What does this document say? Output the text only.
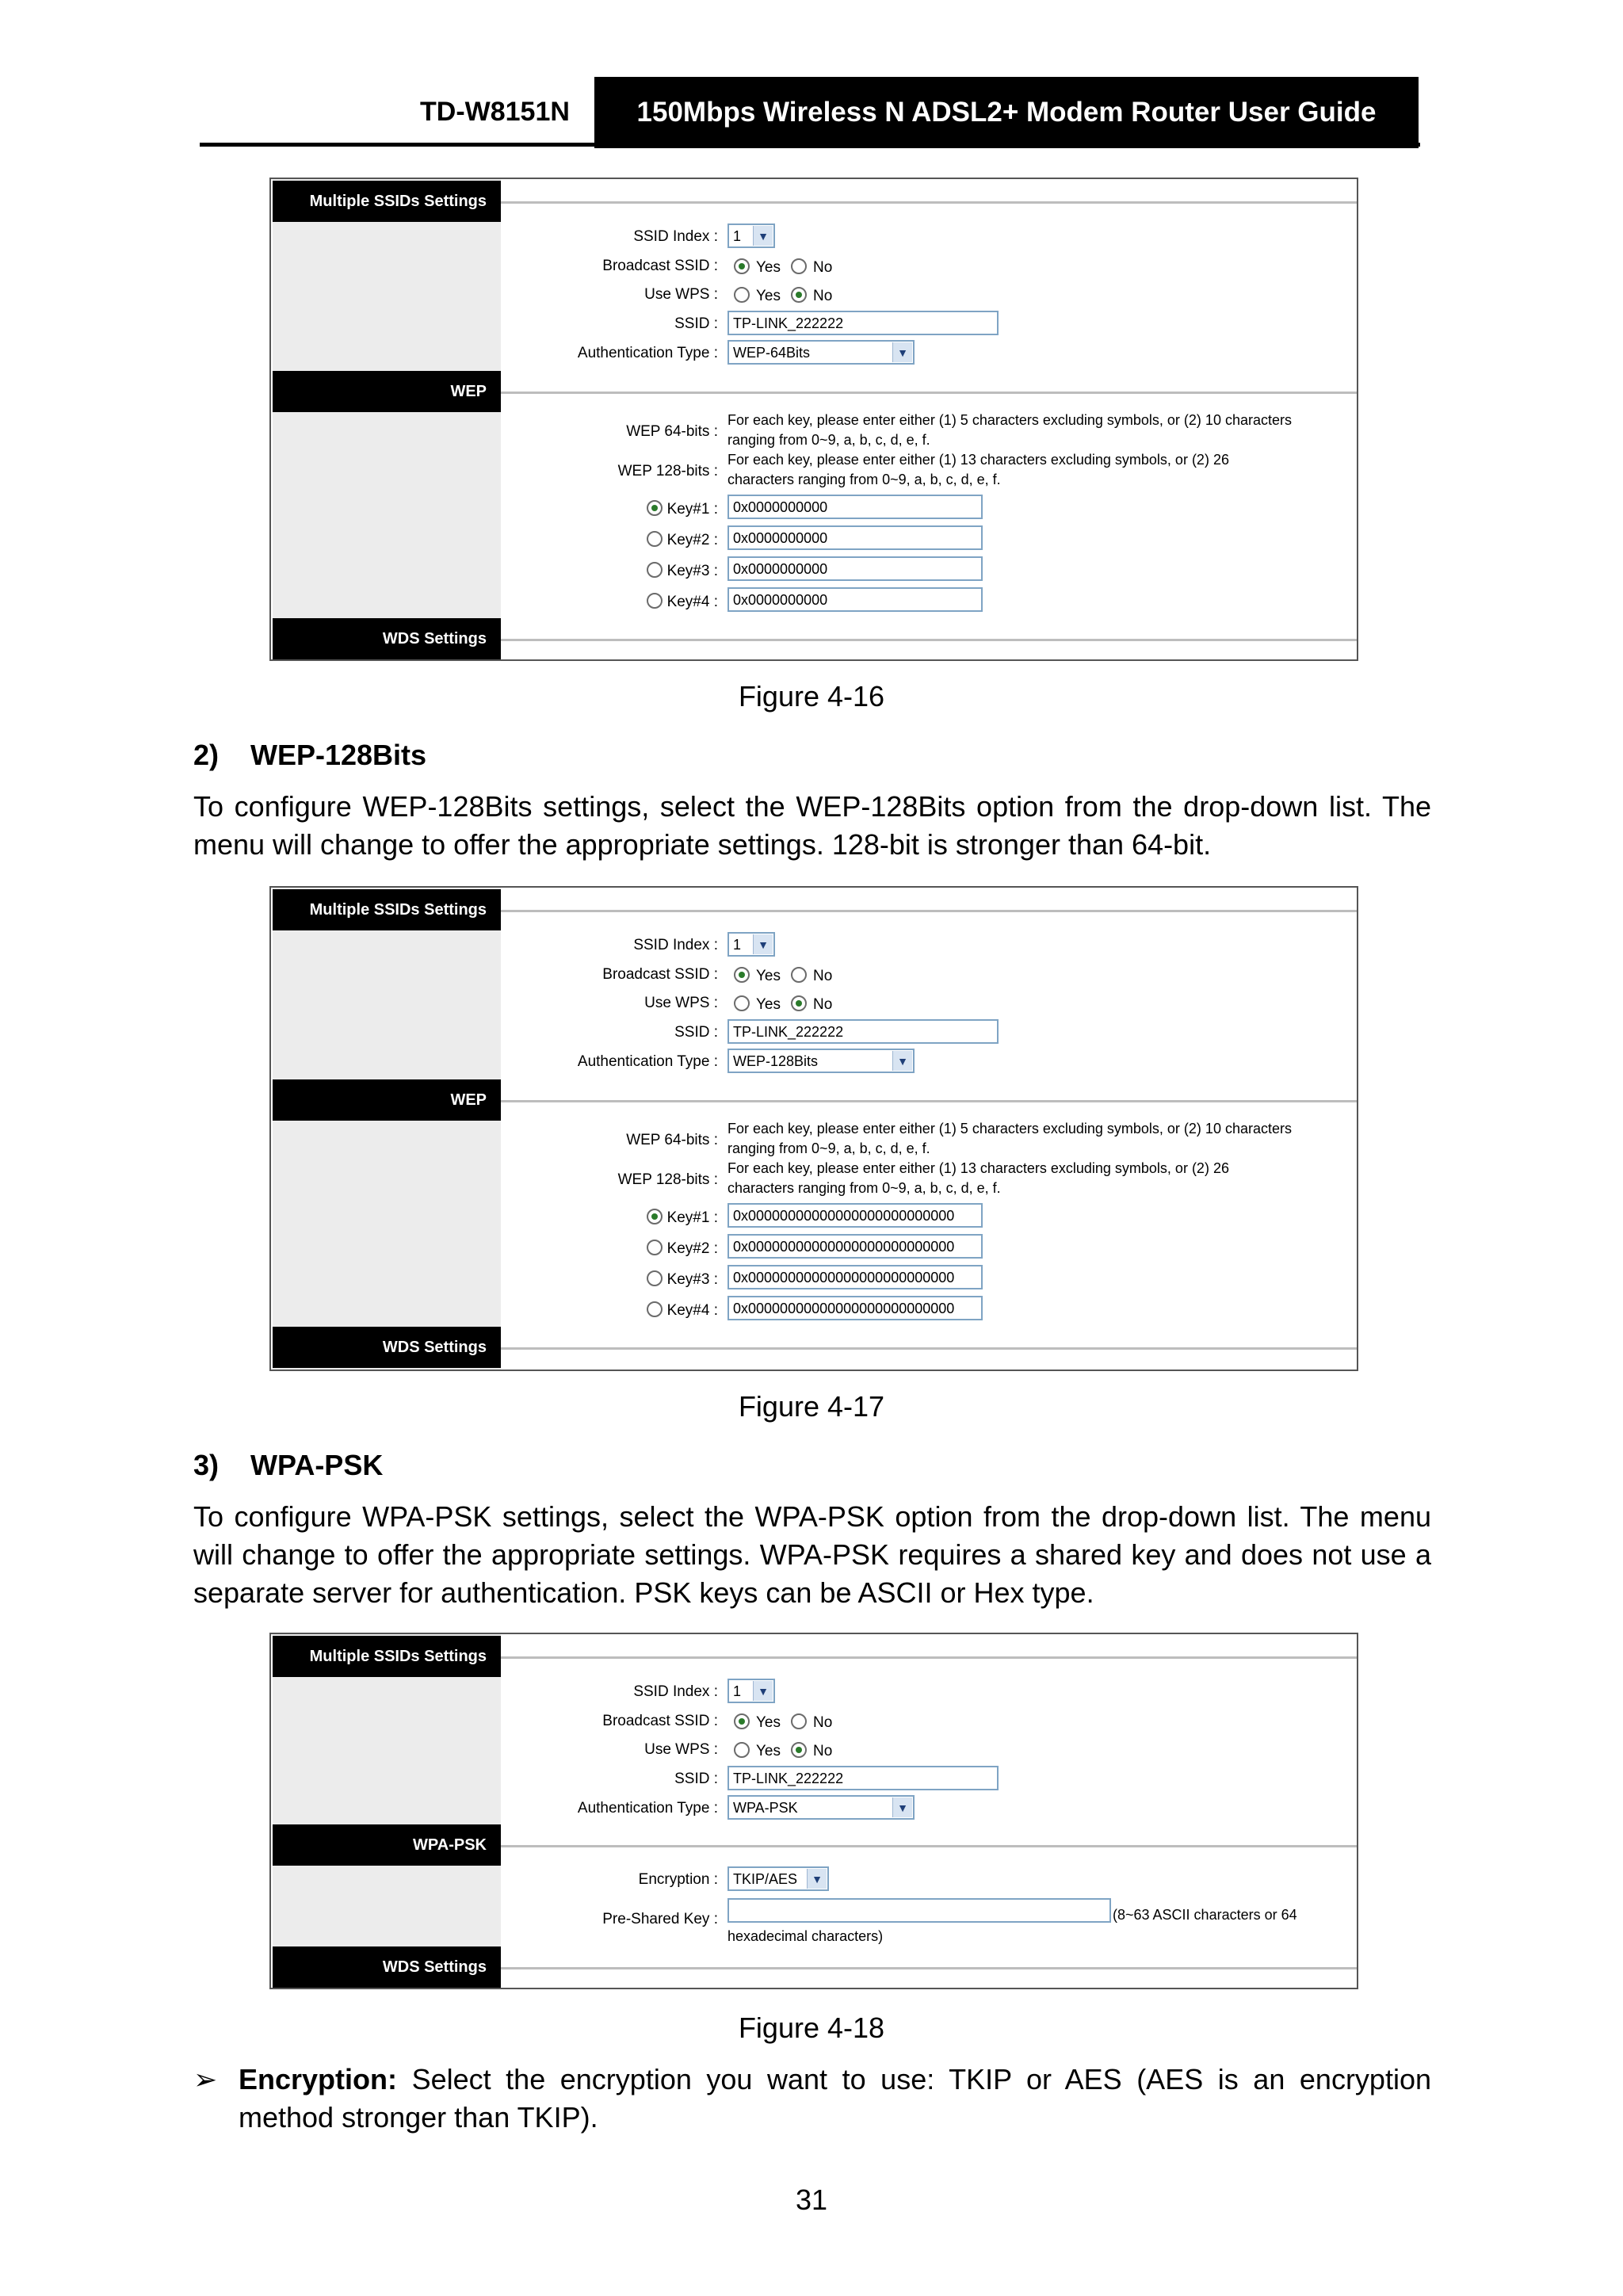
TD-W8151N	150Mbps Wireless N ADSL2+ Modem Router User Guide
Multiple SSIDs Settings
SSID Index :	1	▼
Broadcast SSID :	Yes No
Use WPS :	Yes No
SSID :	TP-LINK_222222
Authentication Type :	WEP-64Bits	▼
WEP
WEP 64-bits :
For each key, please enter either (1) 5 characters excluding symbols, or (2) 10 characters
ranging from 0~9, a, b, c, d, e, f.
WEP 128-bits :
For each key, please enter either (1) 13 characters excluding symbols, or (2) 26
characters ranging from 0~9, a, b, c, d, e, f.
Key#1 :	0x0000000000
Key#2 :	0x0000000000
Key#3 :	0x0000000000
Key#4 :	0x0000000000
WDS Settings
Figure 4-16
2) WEP-128Bits
To configure WEP-128Bits settings, select the WEP-128Bits option from the drop-down list. The menu will change to offer the appropriate settings. 128-bit is stronger than 64-bit.
Multiple SSIDs Settings
SSID Index :	1	▼
Broadcast SSID :	Yes No
Use WPS :	Yes No
SSID :	TP-LINK_222222
Authentication Type :	WEP-128Bits	▼
WEP
WEP 64-bits :
For each key, please enter either (1) 5 characters excluding symbols, or (2) 10 characters
ranging from 0~9, a, b, c, d, e, f.
WEP 128-bits :
For each key, please enter either (1) 13 characters excluding symbols, or (2) 26
characters ranging from 0~9, a, b, c, d, e, f.
Key#1 :	0x00000000000000000000000000
Key#2 :	0x00000000000000000000000000
Key#3 :	0x00000000000000000000000000
Key#4 :	0x00000000000000000000000000
WDS Settings
Figure 4-17
3) WPA-PSK
To configure WPA-PSK settings, select the WPA-PSK option from the drop-down list. The menu will change to offer the appropriate settings. WPA-PSK requires a shared key and does not use a separate server for authentication. PSK keys can be ASCII or Hex type.
Multiple SSIDs Settings
SSID Index :	1	▼
Broadcast SSID :	Yes No
Use WPS :	Yes No
SSID :	TP-LINK_222222
Authentication Type :	WPA-PSK	▼
WPA-PSK
Encryption :	TKIP/AES	▼
Pre-Shared Key :	(8~63 ASCII characters or 64
hexadecimal characters)
WDS Settings
Figure 4-18
➢ Encryption: Select the encryption you want to use: TKIP or AES (AES is an encryption method stronger than TKIP).
31
